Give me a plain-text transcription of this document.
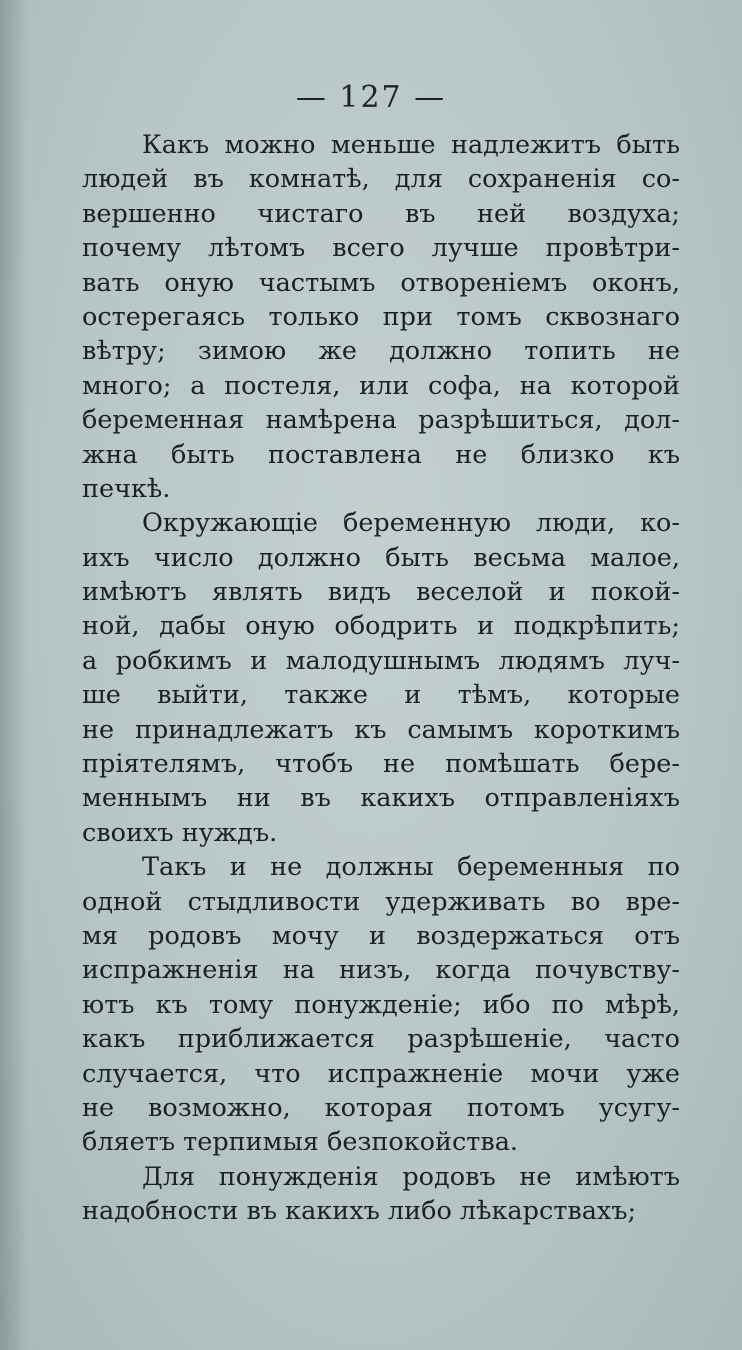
— 127 —
Какъ можно меньше надлежитъ быть
людей въ комнатѣ, для сохраненія со-
вершенно чистаго въ ней воздуха;
почему лѣтомъ всего лучше провѣтри-
вать оную частымъ отвореніемъ оконъ,
остерегаясь только при томъ сквознаго
вѣтру; зимою же должно топить не
много; а постеля, или софа, на которой
беременная намѣрена разрѣшиться, дол-
жна быть поставлена не близко къ
печкѣ.
Окружающіе беременную люди, ко-
ихъ число должно быть весьма малое,
имѣютъ являть видъ веселой и покой-
ной, дабы оную ободрить и подкрѣпить;
а робкимъ и малодушнымъ людямъ луч-
ше выйти, также и тѣмъ, которые
не принадлежатъ къ самымъ короткимъ
пріятелямъ, чтобъ не помѣшать бере-
меннымъ ни въ какихъ отправленіяхъ
своихъ нуждъ.
Такъ и не должны беременныя по
одной стыдливости удерживать во вре-
мя родовъ мочу и воздержаться отъ
испражненія на низъ, когда почувству-
ютъ къ тому понужденіе; ибо по мѣрѣ,
какъ приближается разрѣшеніе, часто
случается, что испражненіе мочи уже
не возможно, которая потомъ усугу-
бляетъ терпимыя безпокойства.
Для понужденія родовъ не имѣютъ
надобности въ какихъ либо лѣкарствахъ;
